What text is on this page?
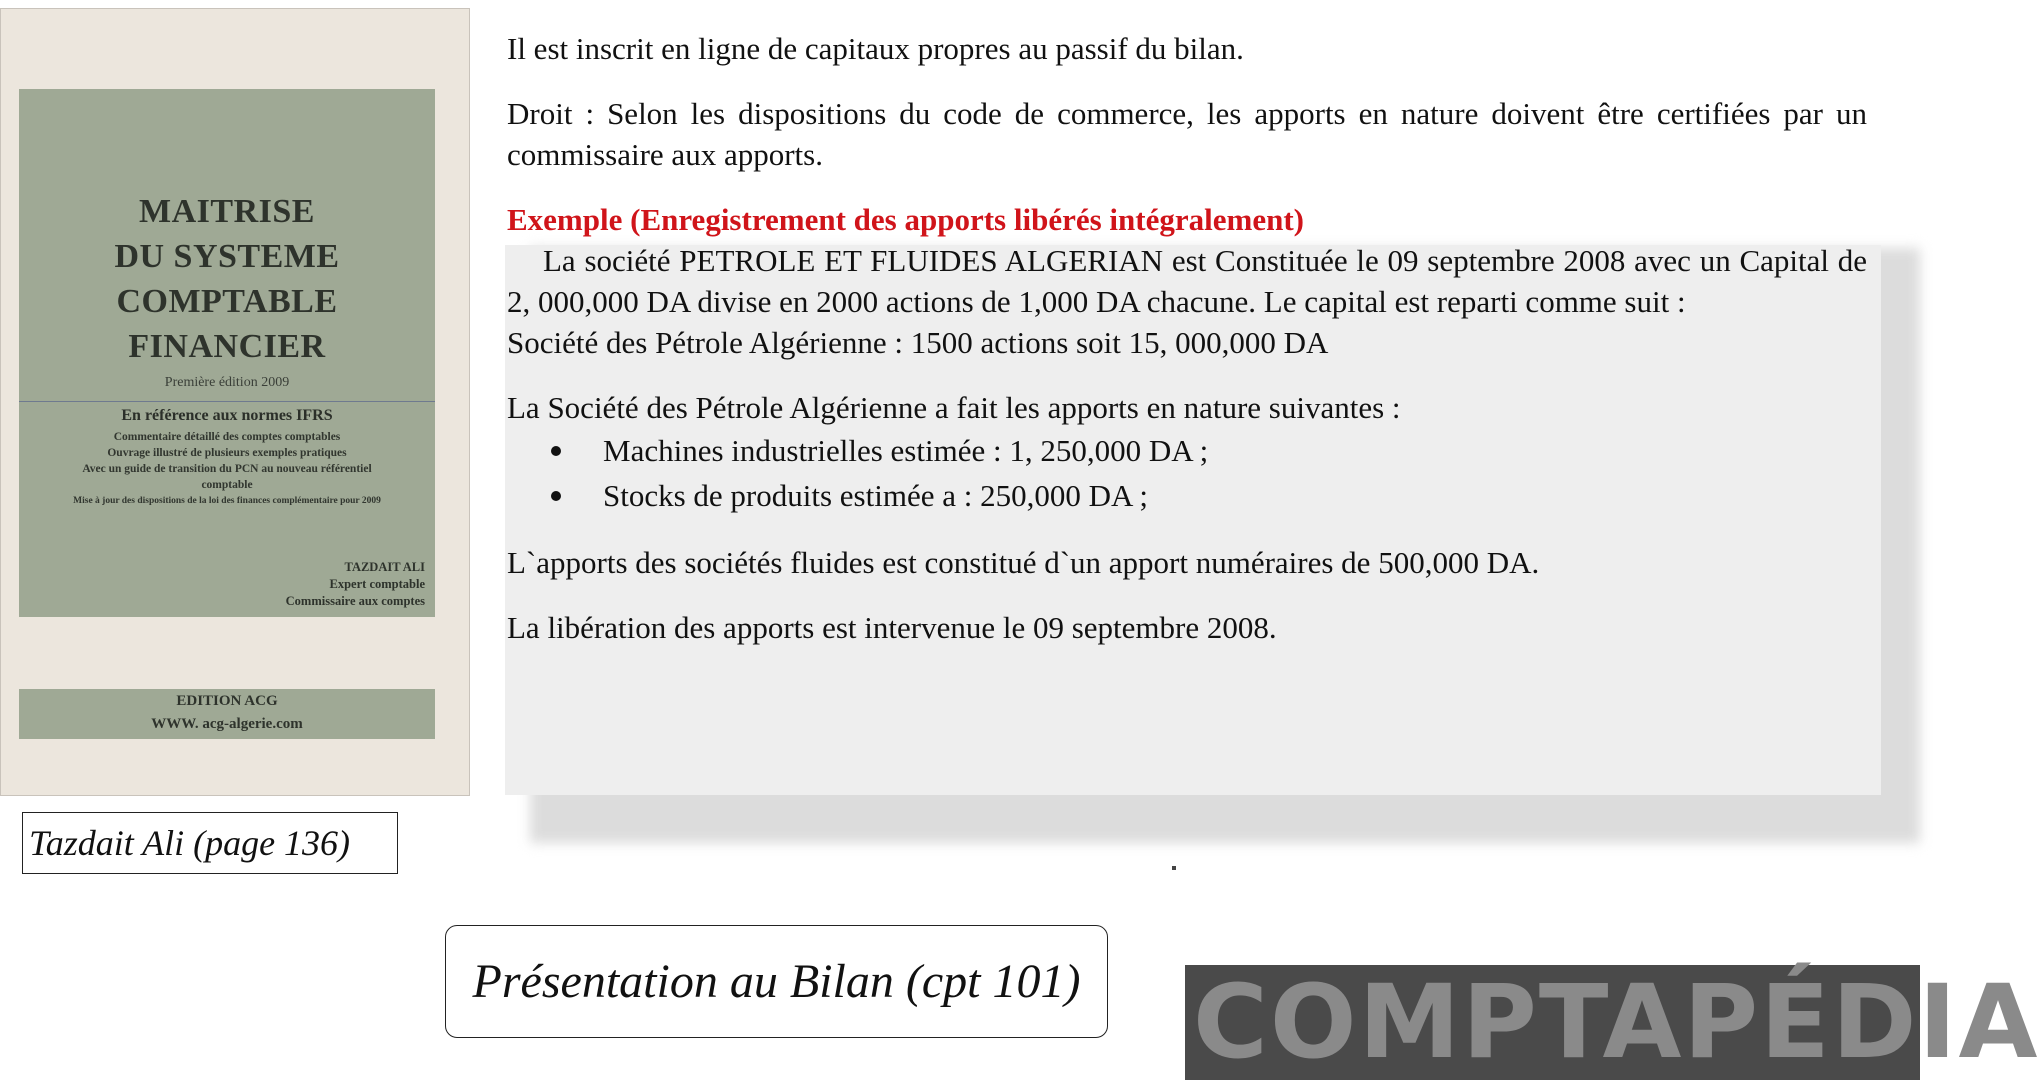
MAITRISE
DU SYSTEME
COMPTABLE
FINANCIER
Première édition 2009
En référence aux normes IFRS
Commentaire détaillé des comptes comptables
Ouvrage illustré de plusieurs exemples pratiques
Avec un guide de transition du PCN au nouveau référentiel
comptable
Mise à jour des dispositions de la loi des finances complémentaire pour 2009
TAZDAIT ALI
Expert comptable
Commissaire aux comptes
EDITION ACG
WWW. acg-algerie.com
Tazdait Ali (page 136)

Il est inscrit en ligne de capitaux propres au passif du bilan.

Droit : Selon les dispositions du code de commerce, les apports en nature doivent être certifiées par un commissaire aux apports.

Exemple (Enregistrement des apports libérés intégralement)

La société PETROLE ET FLUIDES ALGERIAN est Constituée le 09 septembre 2008 avec un Capital de 2, 000,000 DA divise en 2000 actions de 1,000 DA chacune. Le capital est reparti comme suit :

Société des Pétrole Algérienne : 1500 actions soit 15, 000,000 DA

La Société des Pétrole Algérienne a fait les apports en nature suivantes :

Machines industrielles estimée : 1, 250,000 DA ;
Stocks de produits estimée a : 250,000 DA ;

L`apports des sociétés fluides est constitué d`un apport numéraires de 500,000 DA.

La libération des apports est intervenue le 09 septembre 2008.

Présentation au Bilan (cpt 101) COMPTAPÉDIA
